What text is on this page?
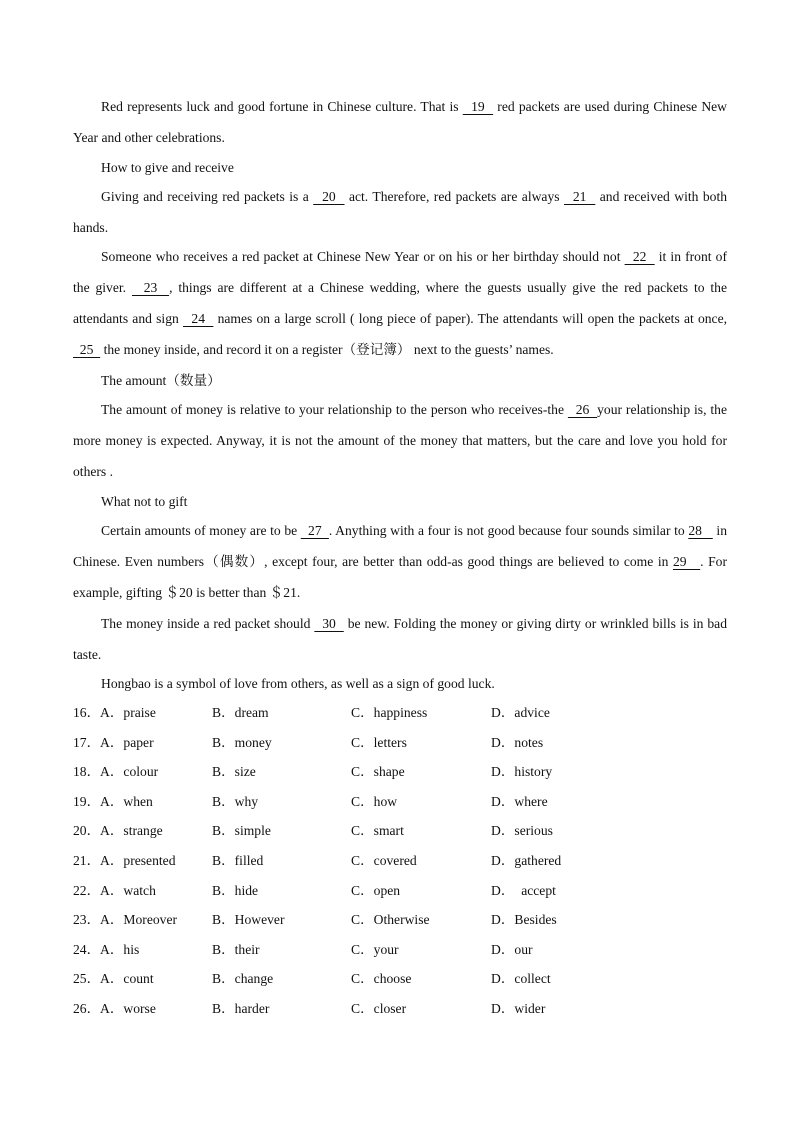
Red represents luck and good fortune in Chinese culture. That is   19   red packets are used during Chinese New Year and other celebrations.

How to give and receive

Giving and receiving red packets is a   20   act. Therefore, red packets are always   21   and received with both hands.

Someone who receives a red packet at Chinese New Year or on his or her birthday should not   22   it in front of the giver.   23  , things are different at a Chinese wedding, where the guests usually give the red packets to the attendants and sign   24   names on a large scroll ( long piece of paper). The attendants will open the packets at once,   25   the money inside, and record it on a register（登记簿） next to the guests’ names.

The amount（数量）

The amount of money is relative to your relationship to the person who receives-the   26  your relationship is, the more money is expected. Anyway, it is not the amount of the money that matters, but the care and love you hold for others .

What not to gift

Certain amounts of money are to be   27  . Anything with a four is not good because four sounds similar to 28    in Chinese. Even numbers（偶数）, except four, are better than odd-as good things are believed to come in 29   . For example, gifting ＄20 is better than ＄21.

The money inside a red packet should   30   be new. Folding the money or giving dirty or wrinkled bills is in bad taste.

Hongbao is a symbol of love from others, as well as a sign of good luck.

16． A．praise	B．dream	C．happiness	D．advice
17． A．paper	B．money	C．letters	D．notes
18． A．colour	B．size	C．shape	D．history
19． A．when	B．why	C．how	D．where
20． A．strange	B．simple	C．smart	D．serious
21． A．presented	B．filled	C．covered	D．gathered
22． A．watch	B．hide	C．open	D．  accept
23． A．Moreover	B．However	C．Otherwise	D．Besides
24． A．his	B．their	C．your	D．our
25． A．count	B．change	C．choose	D．collect
26． A．worse	B．harder	C．closer	D．wider
